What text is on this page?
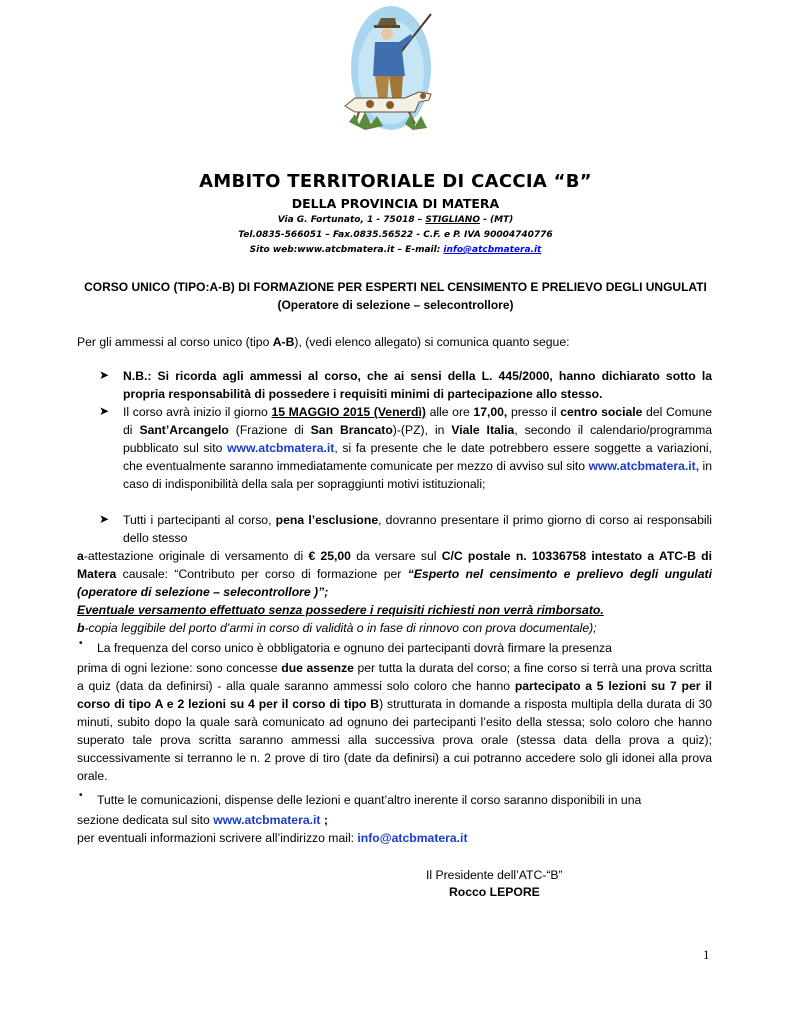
AMBITO TERRITORIALE DI CACCIA “B”
DELLA PROVINCIA DI MATERA
Via G. Fortunato, 1 - 75018 – STIGLIANO - (MT)
Tel.0835-566051 – Fax.0835.56522 - C.F. e P. IVA 90004740776
Sito web:www.atcbmatera.it – E-mail: info@atcbmatera.it
CORSO UNICO (TIPO:A-B) DI FORMAZIONE PER ESPERTI NEL CENSIMENTO E PRELIEVO DEGLI UNGULATI
(Operatore di selezione – selecontrollore)
Per gli ammessi al corso unico (tipo A-B), (vedi elenco allegato) si comunica quanto segue:
➤ N.B.: Si ricorda agli ammessi al corso, che ai sensi della L. 445/2000, hanno dichiarato sotto la propria responsabilità di possedere i requisiti minimi di partecipazione allo stesso.
➤ Il corso avrà inizio il giorno 15 MAGGIO 2015 (Venerdì) alle ore 17,00, presso il centro sociale del Comune di Sant’Arcangelo (Frazione di San Brancato)-(PZ), in Viale Italia, secondo il calendario/programma pubblicato sul sito www.atcbmatera.it, si fa presente che le date potrebbero essere soggette a variazioni, che eventualmente saranno immediatamente comunicate per mezzo di avviso sul sito www.atcbmatera.it, in caso di indisponibilità della sala per sopraggiunti motivi istituzionali;
➤ Tutti i partecipanti al corso, pena l’esclusione, dovranno presentare il primo giorno di corso ai responsabili dello stesso
a-attestazione originale di versamento di € 25,00 da versare sul C/C postale n. 10336758 intestato a ATC-B di Matera causale: “Contributo per corso di formazione per “Esperto nel censimento e prelievo degli ungulati (operatore di selezione – selecontrollore )”;
Eventuale versamento effettuato senza possedere i requisiti richiesti non verrà rimborsato.
b-copia leggibile del porto d’armi in corso di validità o in fase di rinnovo con prova documentale);
• La frequenza del corso unico è obbligatoria e ognuno dei partecipanti dovrà firmare la presenza
prima di ogni lezione: sono concesse due assenze per tutta la durata del corso; a fine corso si terrà una prova scritta a quiz (data da definirsi) - alla quale saranno ammessi solo coloro che hanno partecipato a 5 lezioni su 7 per il corso di tipo A e 2 lezioni su 4 per il corso di tipo B) strutturata in domande a risposta multipla della durata di 30 minuti, subito dopo la quale sarà comunicato ad ognuno dei partecipanti l’esito della stessa; solo coloro che hanno superato tale prova scritta saranno ammessi alla successiva prova orale (stessa data della prova a quiz); successivamente si terranno le n. 2 prove di tiro (date da definirsi) a cui potranno accedere solo gli idonei alla prova orale.
• Tutte le comunicazioni, dispense delle lezioni e quant’altro inerente il corso saranno disponibili in una
sezione dedicata sul sito www.atcbmatera.it ;
per eventuali informazioni scrivere all’indirizzo mail: info@atcbmatera.it
Il Presidente dell’ATC-“B”
Rocco LEPORE
1
